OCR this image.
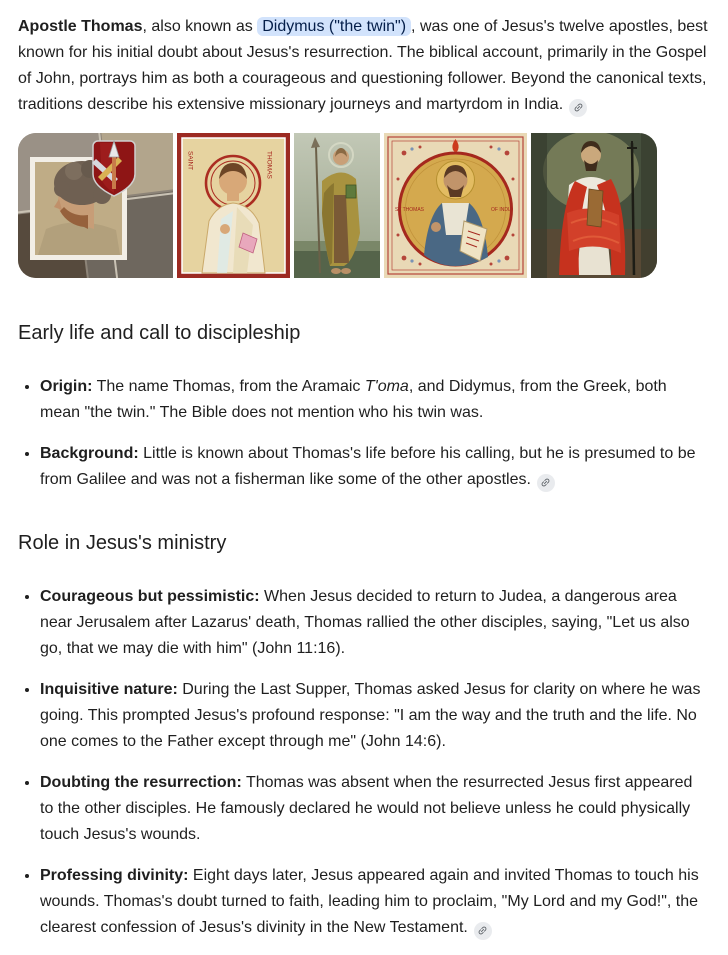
Apostle Thomas, also known as Didymus ("the twin") , was one of Jesus's twelve apostles, best known for his initial doubt about Jesus's resurrection. The biblical account, primarily in the Gospel of John, portrays him as both a courageous and questioning follower. Beyond the canonical texts, traditions describe his extensive missionary journeys and martyrdom in India.

SAINT	THOMAS
ST THOMAS	OF INDIA
Early life and call to discipleship
• Origin: The name Thomas, from the Aramaic T'oma, and Didymus, from the Greek, both mean "the twin." The Bible does not mention who his twin was.
• Background: Little is known about Thomas's life before his calling, but he is presumed to be from Galilee and was not a fisherman like some of the other apostles.
Role in Jesus's ministry
• Courageous but pessimistic: When Jesus decided to return to Judea, a dangerous area near Jerusalem after Lazarus' death, Thomas rallied the other disciples, saying, "Let us also go, that we may die with him" (John 11:16).
• Inquisitive nature: During the Last Supper, Thomas asked Jesus for clarity on where he was going. This prompted Jesus's profound response: "I am the way and the truth and the life. No one comes to the Father except through me" (John 14:6).
• Doubting the resurrection: Thomas was absent when the resurrected Jesus first appeared to the other disciples. He famously declared he would not believe unless he could physically touch Jesus's wounds.
• Professing divinity: Eight days later, Jesus appeared again and invited Thomas to touch his wounds. Thomas's doubt turned to faith, leading him to proclaim, "My Lord and my God!", the clearest confession of Jesus's divinity in the New Testament.
